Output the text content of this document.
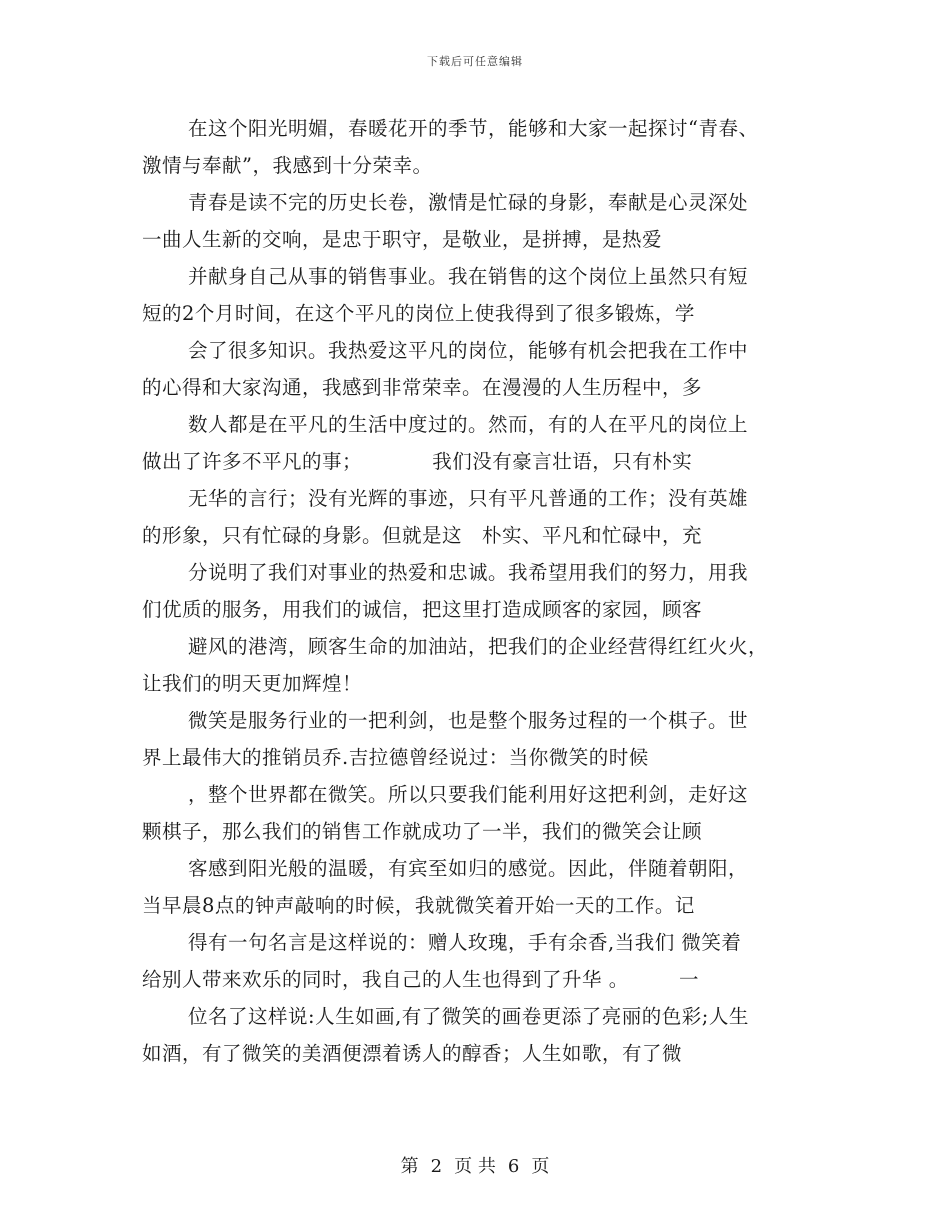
下载后可任意编辑
在这个阳光明媚，春暖花开的季节，能够和大家一起探讨“青春、
激情与奉献”，我感到十分荣幸。
青春是读不完的历史长卷，激情是忙碌的身影，奉献是心灵深处
一曲人生新的交响，是忠于职守，是敬业，是拼搏，是热爱
并献身自己从事的销售事业。我在销售的这个岗位上虽然只有短
短的2个月时间，在这个平凡的岗位上使我得到了很多锻炼，学
会了很多知识。我热爱这平凡的岗位，能够有机会把我在工作中
的心得和大家沟通，我感到非常荣幸。在漫漫的人生历程中，多
数人都是在平凡的生活中度过的。然而，有的人在平凡的岗位上
做出了许多不平凡的事；　　　　我们没有豪言壮语，只有朴实
无华的言行；没有光辉的事迹，只有平凡普通的工作；没有英雄
的形象，只有忙碌的身影。但就是这　朴实、平凡和忙碌中，充
分说明了我们对事业的热爱和忠诚。我希望用我们的努力，用我
们优质的服务，用我们的诚信，把这里打造成顾客的家园，顾客
避风的港湾，顾客生命的加油站，把我们的企业经营得红红火火，
让我们的明天更加辉煌！
微笑是服务行业的一把利剑，也是整个服务过程的一个棋子。世
界上最伟大的推销员乔.吉拉德曾经说过：当你微笑的时候
，整个世界都在微笑。所以只要我们能利用好这把利剑，走好这
颗棋子，那么我们的销售工作就成功了一半，我们的微笑会让顾
客感到阳光般的温暖，有宾至如归的感觉。因此，伴随着朝阳，
当早晨8点的钟声敲响的时候，我就微笑着开始一天的工作。记
得有一句名言是这样说的：赠人玫瑰，手有余香,当我们 微笑着
给别人带来欢乐的同时，我自己的人生也得到了升华 。　　　一
位名了这样说:人生如画,有了微笑的画卷更添了亮丽的色彩;人生
如酒，有了微笑的美酒便漂着诱人的醇香；人生如歌，有了微
第 2 页 共 6 页
